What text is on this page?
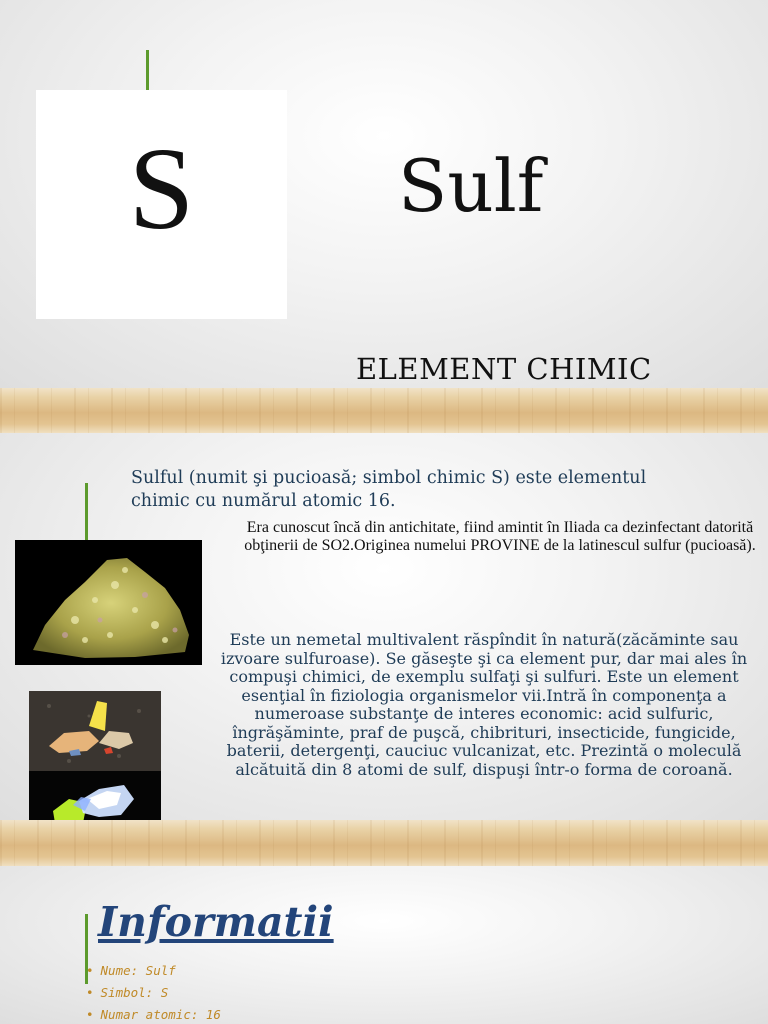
S	Sulf
ELEMENT CHIMIC
Sulful (numit şi pucioasă; simbol chimic S) este elementul chimic cu numărul atomic 16.
Era cunoscut încă din antichitate, fiind amintit în Iliada ca dezinfectant datorită obţinerii de SO2.Originea numelui PROVINE de la latinescul sulfur (pucioasă).
Este un nemetal multivalent răspîndit în natură(zăcăminte sau izvoare sulfuroase). Se găseşte şi ca element pur, dar mai ales în compuşi chimici, de exemplu sulfaţi şi sulfuri. Este un element esenţial în fiziologia organismelor vii.Intră în componenţa a numeroase substanţe de interes economic: acid sulfuric, îngrăşăminte, praf de puşcă, chibrituri, insecticide, fungicide, baterii, detergenţi, cauciuc vulcanizat, etc. Prezintă o moleculă alcătuită din 8 atomi de sulf, dispuşi într-o forma de coroană.
Informatii
• Nume: Sulf
• Simbol: S
• Numar atomic: 16
